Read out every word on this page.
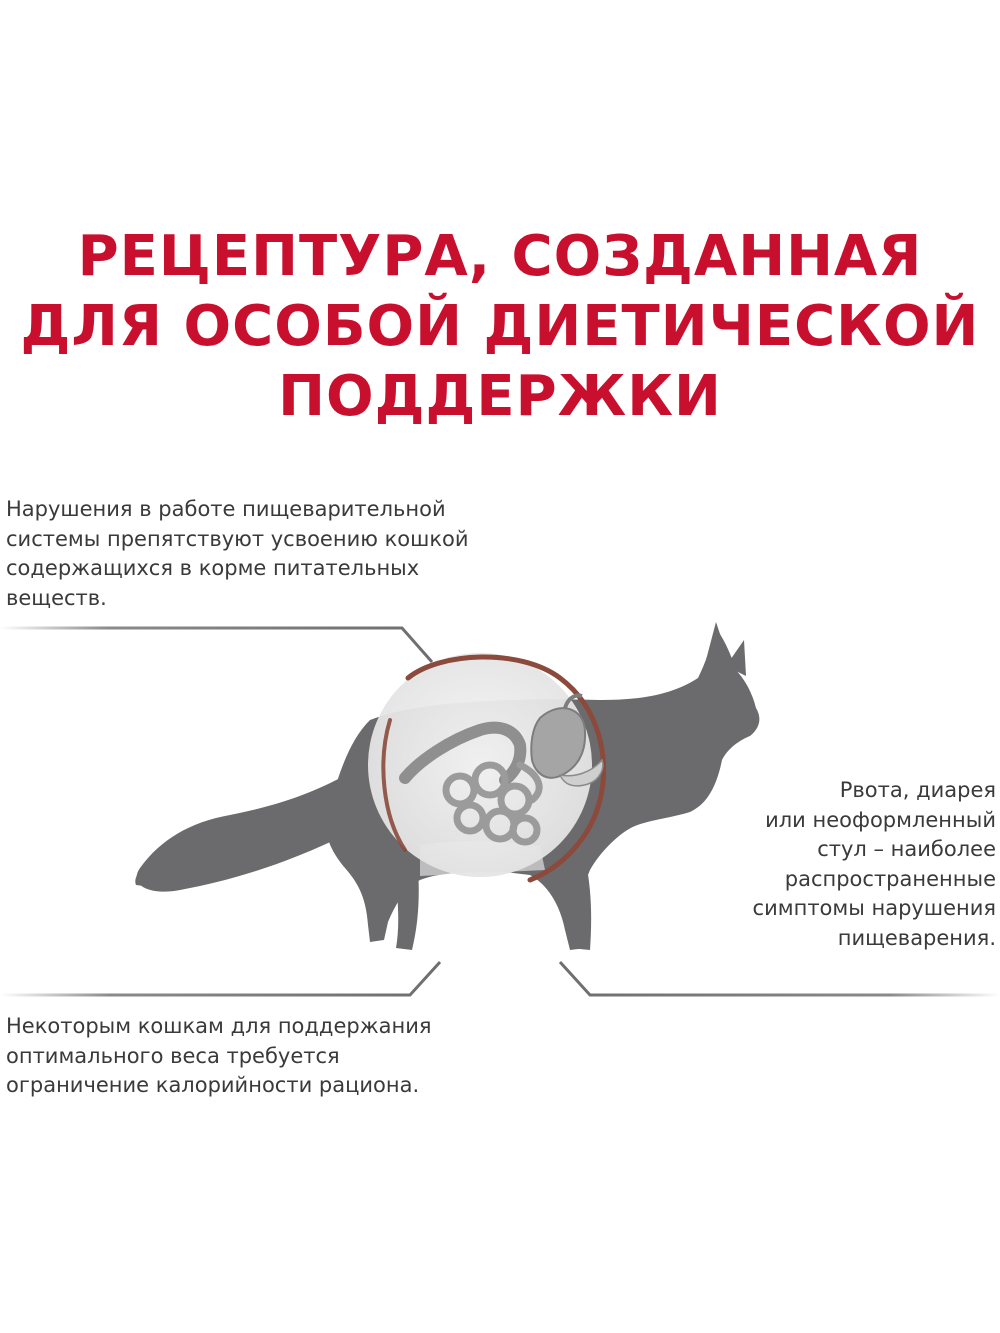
РЕЦЕПТУРА, СОЗДАННАЯ
ДЛЯ ОСОБОЙ ДИЕТИЧЕСКОЙ
ПОДДЕРЖКИ

Нарушения в работе пищеварительной
системы препятствуют усвоению кошкой
содержащихся в корме питательных
веществ.

Рвота, диарея
или неоформленный
стул – наиболее
распространенные
симптомы нарушения
пищеварения.

Некоторым кошкам для поддержания
оптимального веса требуется
ограничение калорийности рациона.
